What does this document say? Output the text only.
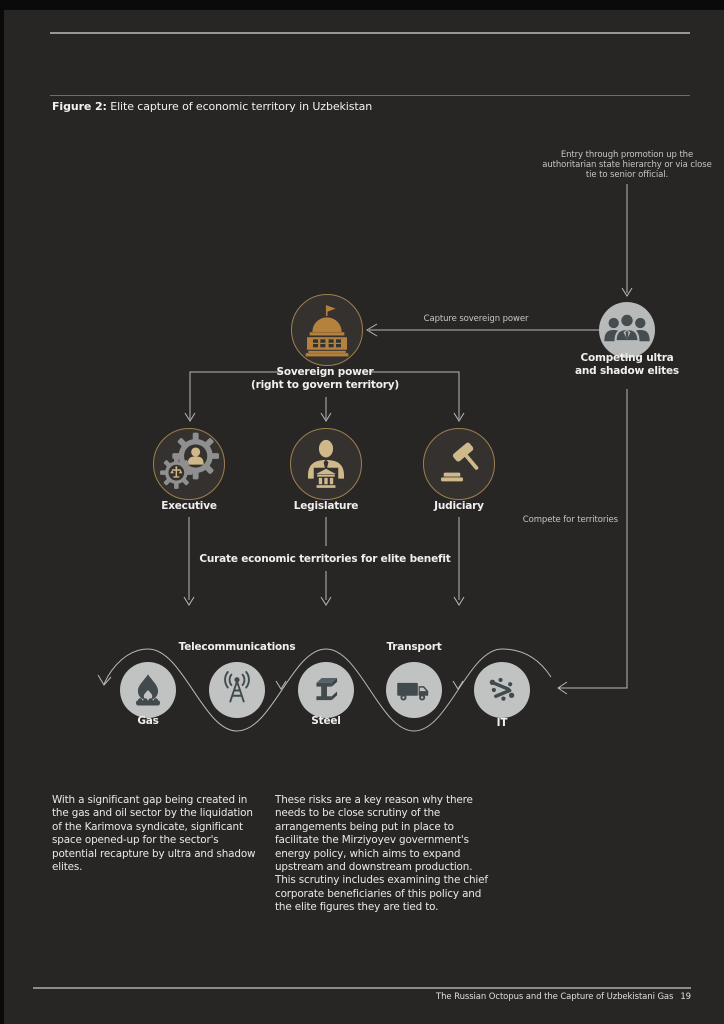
Figure 2: Elite capture of economic territory in Uzbekistan
Entry through promotion up the
authoritarian state hierarchy or via close
tie to senior official.
Capture sovereign power
Compete for territories
Competing ultra
and shadow elites
Sovereign power
(right to govern territory)
Executive	Legislature	Judiciary
Curate economic territories for elite benefit
Gas
Telecommunications
Steel
Transport
IT
With a significant gap being created in the gas and oil sector by the liquidation of the Karimova syndicate, significant space opened-up for the sector's potential recapture by ultra and shadow elites.
These risks are a key reason why there needs to be close scrutiny of the arrangements being put in place to facilitate the Mirziyoyev government's energy policy, which aims to expand upstream and downstream production. This scrutiny includes examining the chief corporate beneficiaries of this policy and the elite figures they are tied to.
The Russian Octopus and the Capture of Uzbekistani Gas 19
